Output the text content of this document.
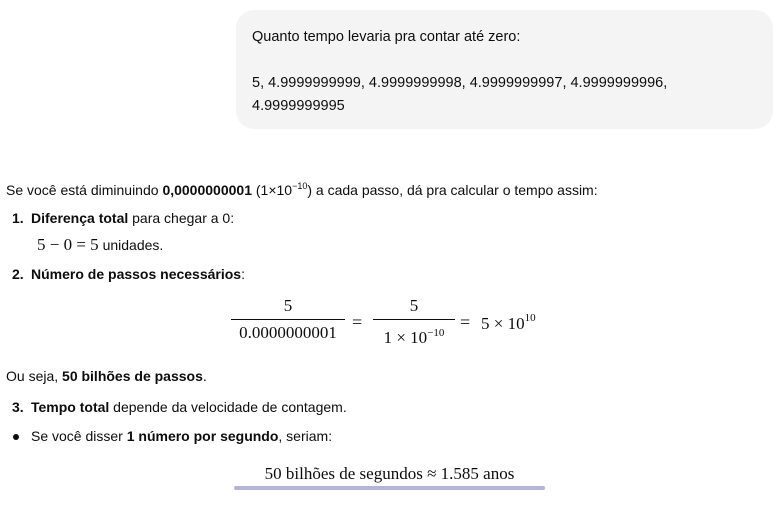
Quanto tempo levaria pra contar até zero:
5, 4.9999999999, 4.9999999998, 4.9999999997, 4.9999999996,
4.9999999995
Se você está diminuindo 0,0000000001 $(1\times 10^{-10})$ a cada passo, dá pra calcular o tempo assim:
1. Diferença total para chegar a 0:
5 − 0 = 5 unidades.
2. Número de passos necessários:
5
0.0000000001
=
5
$1 \times 10^{-10}$
= $5 \times 10^{10}$
Ou seja, 50 bilhões de passos.
3. Tempo total depende da velocidade de contagem.
Se você disser 1 número por segundo, seriam:
50 bilhões de segundos ≈ 1.585 anos
